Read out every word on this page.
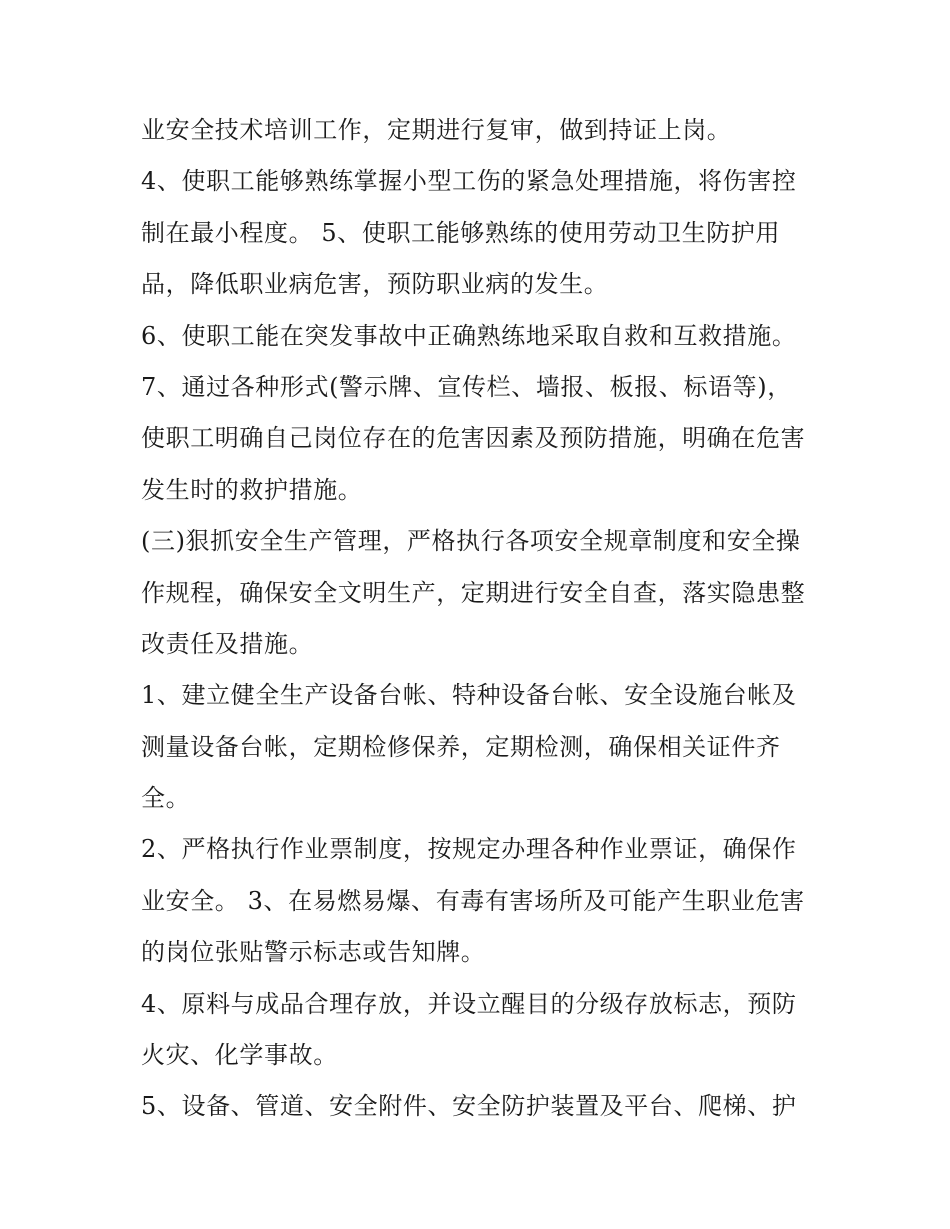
业安全技术培训工作，定期进行复审，做到持证上岗。
4、使职工能够熟练掌握小型工伤的紧急处理措施，将伤害控
制在最小程度。 5、使职工能够熟练的使用劳动卫生防护用
品，降低职业病危害，预防职业病的发生。
6、使职工能在突发事故中正确熟练地采取自救和互救措施。
7、通过各种形式(警示牌、宣传栏、墙报、板报、标语等)，
使职工明确自己岗位存在的危害因素及预防措施，明确在危害
发生时的救护措施。
(三)狠抓安全生产管理，严格执行各项安全规章制度和安全操
作规程，确保安全文明生产，定期进行安全自查，落实隐患整
改责任及措施。
1、建立健全生产设备台帐、特种设备台帐、安全设施台帐及
测量设备台帐，定期检修保养，定期检测，确保相关证件齐
全。
2、严格执行作业票制度，按规定办理各种作业票证，确保作
业安全。 3、在易燃易爆、有毒有害场所及可能产生职业危害
的岗位张贴警示标志或告知牌。
4、原料与成品合理存放，并设立醒目的分级存放标志，预防
火灾、化学事故。
5、设备、管道、安全附件、安全防护装置及平台、爬梯、护
